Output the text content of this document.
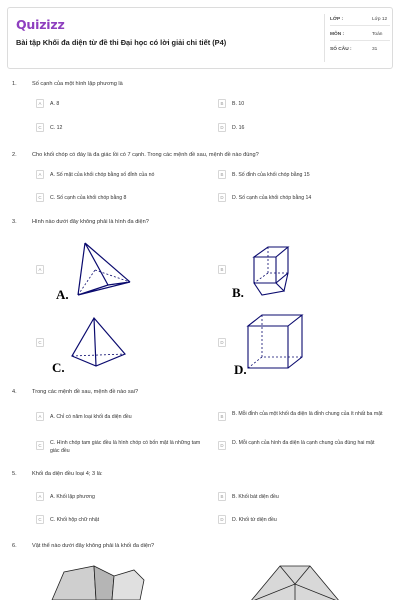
Quizizz
Bài tập Khối đa diện từ đề thi Đại học có lời giải chi tiết (P4)
LỚP :	Lớp 12
MÔN :	Toán
SỐ CÂU :	31
1.	Số cạnh của một hình lập phương là
A	A. 8	B	B. 10
C	C. 12	D	D. 16
2.	Cho khối chóp có đáy là đa giác lồi có 7 cạnh. Trong các mệnh đề sau, mệnh đề nào đúng?
A	A. Số mặt của khối chóp bằng số đỉnh của nó	B	B. Số đỉnh của khối chóp bằng 15
C	C. Số cạnh của khối chóp bằng 8	D	D. Số cạnh của khối chóp bằng 14
3.	Hình nào dưới đây không phải là hình đa diện?
A
A.
B
B.
C
C.
D
D.
4.	Trong các mệnh đề sau, mệnh đề nào sai?
A	A. Chỉ có năm loại khối đa diện đều	B	B. Mỗi đỉnh của một khối đa diện là đỉnh chung của ít nhất ba mặt
C	C. Hình chóp tam giác đều là hình chóp có bốn mặt là những tam giác đều
D	D. Mỗi cạnh của hình đa diện là cạnh chung của đúng hai mặt
5.	Khối đa diện đều loại 4; 3 là:
A	A. Khối lập phương	B	B. Khối bát diện đều
C	C. Khối hộp chữ nhật	D	D. Khối tứ diện đều
6.	Vật thể nào dưới đây không phải là khối đa diện?
